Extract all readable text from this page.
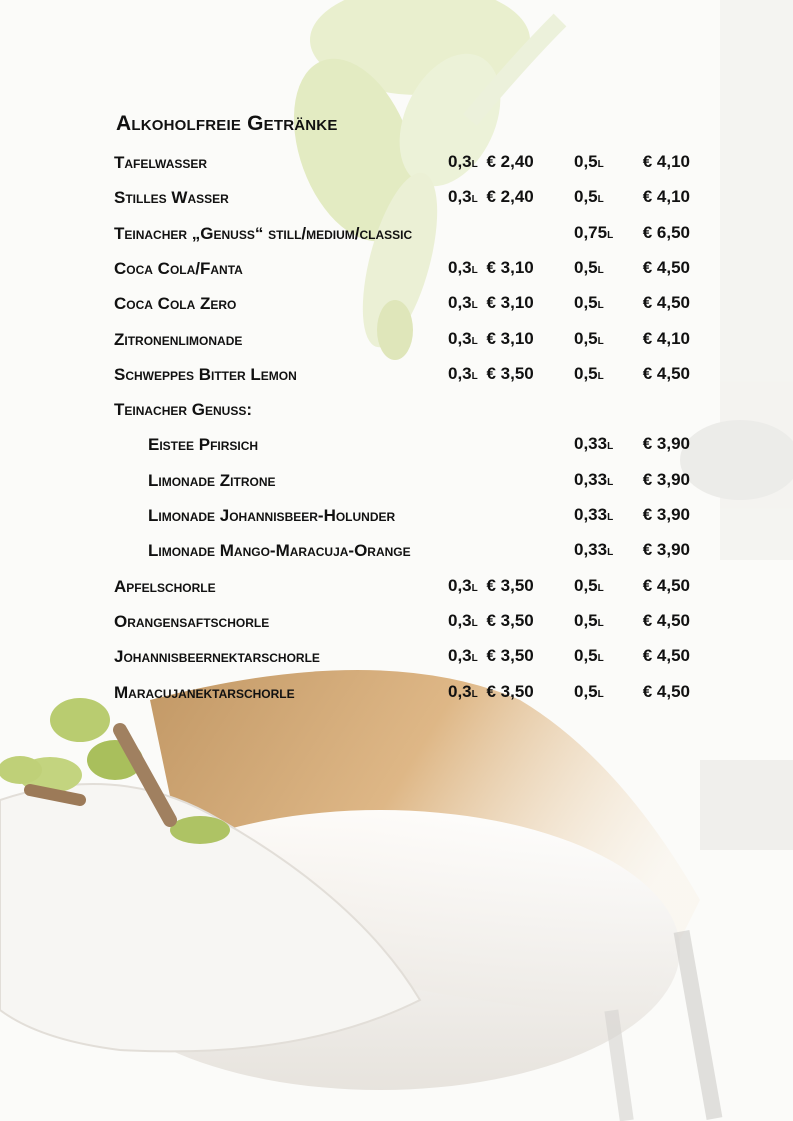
Alkoholfreie Getränke
Tafelwasser	0,3l € 2,40 0,5l € 4,10
Stilles Wasser	0,3l € 2,40 0,5l € 4,10
Teinacher „Genuss“ still/medium/classic	0,75l € 6,50
Coca Cola/Fanta	0,3l € 3,10 0,5l € 4,50
Coca Cola Zero	0,3l € 3,10 0,5l € 4,50
Zitronenlimonade	0,3l € 3,10 0,5l € 4,10
Schweppes Bitter Lemon	0,3l € 3,50 0,5l € 4,50
Teinacher Genuss:
Eistee Pfirsich	0,33l € 3,90
Limonade Zitrone	0,33l € 3,90
Limonade Johannisbeer-Holunder	0,33l € 3,90
Limonade Mango-Maracuja-Orange	0,33l € 3,90
Apfelschorle	0,3l € 3,50 0,5l € 4,50
Orangensaftschorle	0,3l € 3,50 0,5l € 4,50
Johannisbeernektarschorle	0,3l € 3,50 0,5l € 4,50
Maracujanektarschorle	0,3l € 3,50 0,5l € 4,50
